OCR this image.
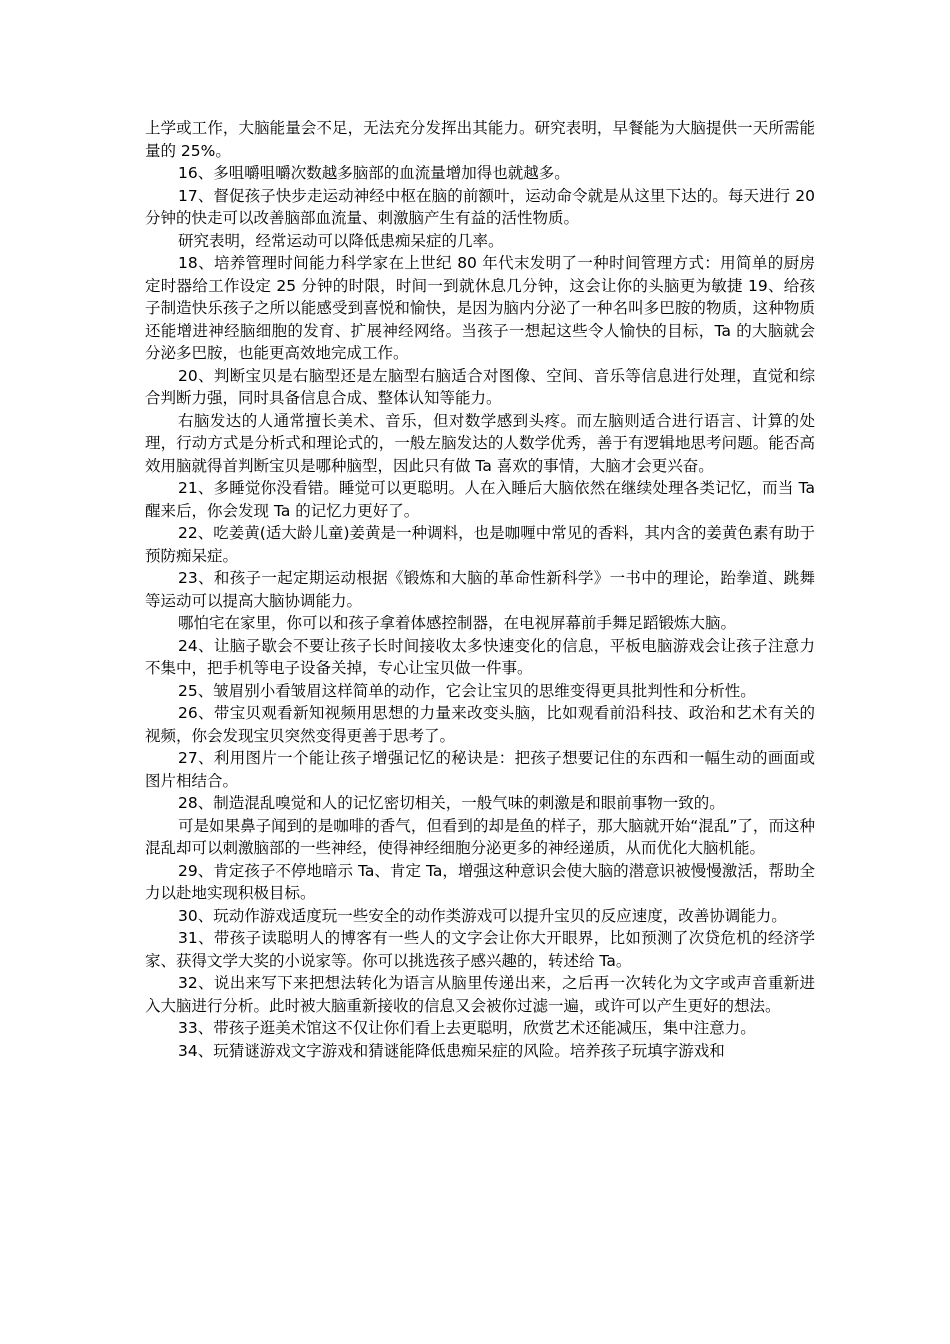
上学或工作，大脑能量会不足，无法充分发挥出其能力。研究表明，早餐能为大脑提供一天所需能量的 25%。

16、多咀嚼咀嚼次数越多脑部的血流量增加得也就越多。

17、督促孩子快步走运动神经中枢在脑的前额叶，运动命令就是从这里下达的。每天进行 20 分钟的快走可以改善脑部血流量、刺激脑产生有益的活性物质。

研究表明，经常运动可以降低患痴呆症的几率。

18、培养管理时间能力科学家在上世纪 80 年代末发明了一种时间管理方式：用简单的厨房定时器给工作设定 25 分钟的时限，时间一到就休息几分钟，这会让你的头脑更为敏捷 19、给孩子制造快乐孩子之所以能感受到喜悦和愉快，是因为脑内分泌了一种名叫多巴胺的物质，这种物质还能增进神经脑细胞的发育、扩展神经网络。当孩子一想起这些令人愉快的目标，Ta 的大脑就会分泌多巴胺，也能更高效地完成工作。

20、判断宝贝是右脑型还是左脑型右脑适合对图像、空间、音乐等信息进行处理，直觉和综合判断力强，同时具备信息合成、整体认知等能力。

右脑发达的人通常擅长美术、音乐，但对数学感到头疼。而左脑则适合进行语言、计算的处理，行动方式是分析式和理论式的，一般左脑发达的人数学优秀，善于有逻辑地思考问题。能否高效用脑就得首判断宝贝是哪种脑型，因此只有做 Ta 喜欢的事情，大脑才会更兴奋。

21、多睡觉你没看错。睡觉可以更聪明。人在入睡后大脑依然在继续处理各类记忆，而当 Ta 醒来后，你会发现 Ta 的记忆力更好了。

22、吃姜黄(适大龄儿童)姜黄是一种调料，也是咖喱中常见的香料，其内含的姜黄色素有助于预防痴呆症。

23、和孩子一起定期运动根据《锻炼和大脑的革命性新科学》一书中的理论，跆拳道、跳舞等运动可以提高大脑协调能力。

哪怕宅在家里，你可以和孩子拿着体感控制器，在电视屏幕前手舞足蹈锻炼大脑。

24、让脑子歇会不要让孩子长时间接收太多快速变化的信息，平板电脑游戏会让孩子注意力不集中，把手机等电子设备关掉，专心让宝贝做一件事。

25、皱眉别小看皱眉这样简单的动作，它会让宝贝的思维变得更具批判性和分析性。

26、带宝贝观看新知视频用思想的力量来改变头脑，比如观看前沿科技、政治和艺术有关的视频，你会发现宝贝突然变得更善于思考了。

27、利用图片一个能让孩子增强记忆的秘诀是：把孩子想要记住的东西和一幅生动的画面或图片相结合。

28、制造混乱嗅觉和人的记忆密切相关，一般气味的刺激是和眼前事物一致的。

可是如果鼻子闻到的是咖啡的香气，但看到的却是鱼的样子，那大脑就开始“混乱”了，而这种混乱却可以刺激脑部的一些神经，使得神经细胞分泌更多的神经递质，从而优化大脑机能。

29、肯定孩子不停地暗示 Ta、肯定 Ta，增强这种意识会使大脑的潜意识被慢慢激活，帮助全力以赴地实现积极目标。

30、玩动作游戏适度玩一些安全的动作类游戏可以提升宝贝的反应速度，改善协调能力。

31、带孩子读聪明人的博客有一些人的文字会让你大开眼界，比如预测了次贷危机的经济学家、获得文学大奖的小说家等。你可以挑选孩子感兴趣的，转述给 Ta。

32、说出来写下来把想法转化为语言从脑里传递出来，之后再一次转化为文字或声音重新进入大脑进行分析。此时被大脑重新接收的信息又会被你过滤一遍，或许可以产生更好的想法。

33、带孩子逛美术馆这不仅让你们看上去更聪明，欣赏艺术还能减压，集中注意力。

34、玩猜谜游戏文字游戏和猜谜能降低患痴呆症的风险。培养孩子玩填字游戏和
